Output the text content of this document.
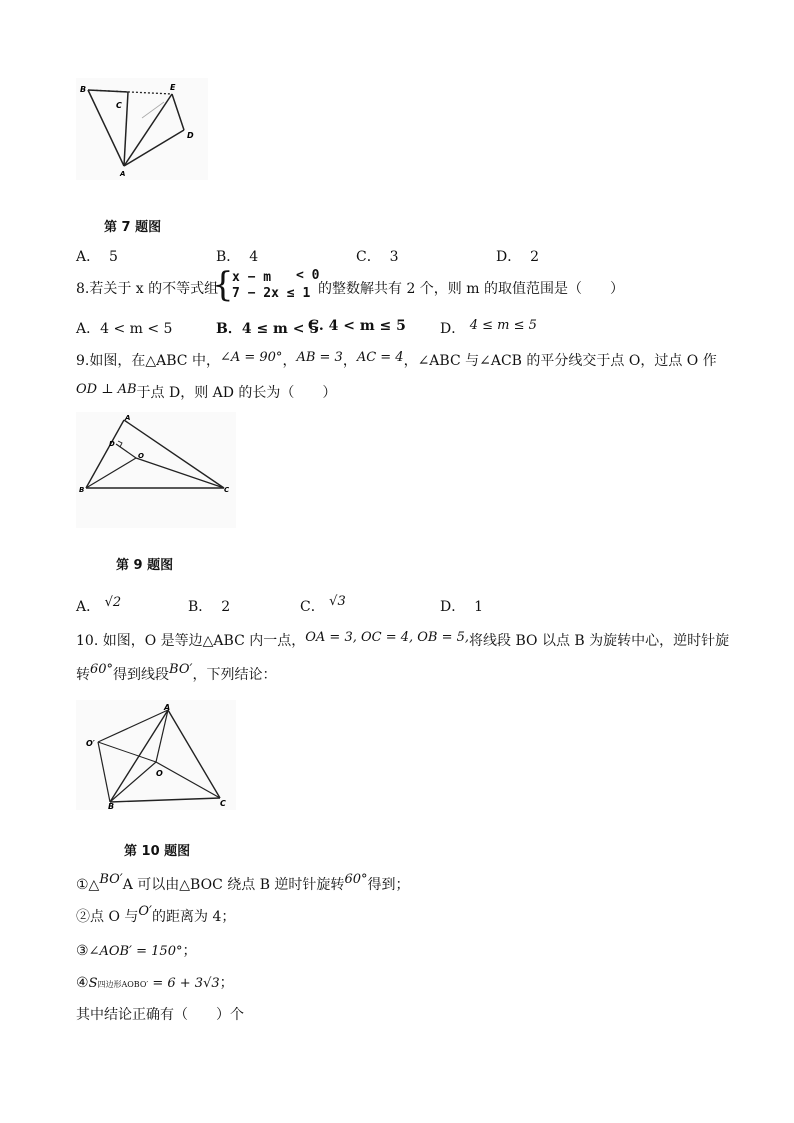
B
C
E
D
A
第 7 题图
A． 5	B． 4	C． 3	D． 2
8.若关于 x 的不等式组
{
x − m < 0
7 − 2x ≤ 1 的整数解共有 2 个，则 m 的取值范围是（　　）
A．4 < m < 5	B．4 ≤ m < 5
C. 4 < m ≤ 5 D． 4 ≤ m ≤ 5
9.如图，在△ABC 中，∠A = 90°，AB = 3，AC = 4，∠ABC 与∠ACB 的平分线交于点 O，过点 O 作
OD ⊥ AB于点 D，则 AD 的长为（　　）
A
D
O
B	C
第 9 题图
A． √2	B． 2	C． √3	D． 1
10. 如图，O 是等边△ABC 内一点，OA = 3, OC = 4, OB = 5,将线段 BO 以点 B 为旋转中心，逆时针旋
转60°得到线段BO′，下列结论：
A
O′
O
B	C
第 10 题图
①△BO′A 可以由△BOC 绕点 B 逆时针旋转60°得到；
②点 O 与O′的距离为 4；
③∠AOB′ = 150°；
④S四边形AOBO′ = 6 + 3√3；
其中结论正确有（　　）个
